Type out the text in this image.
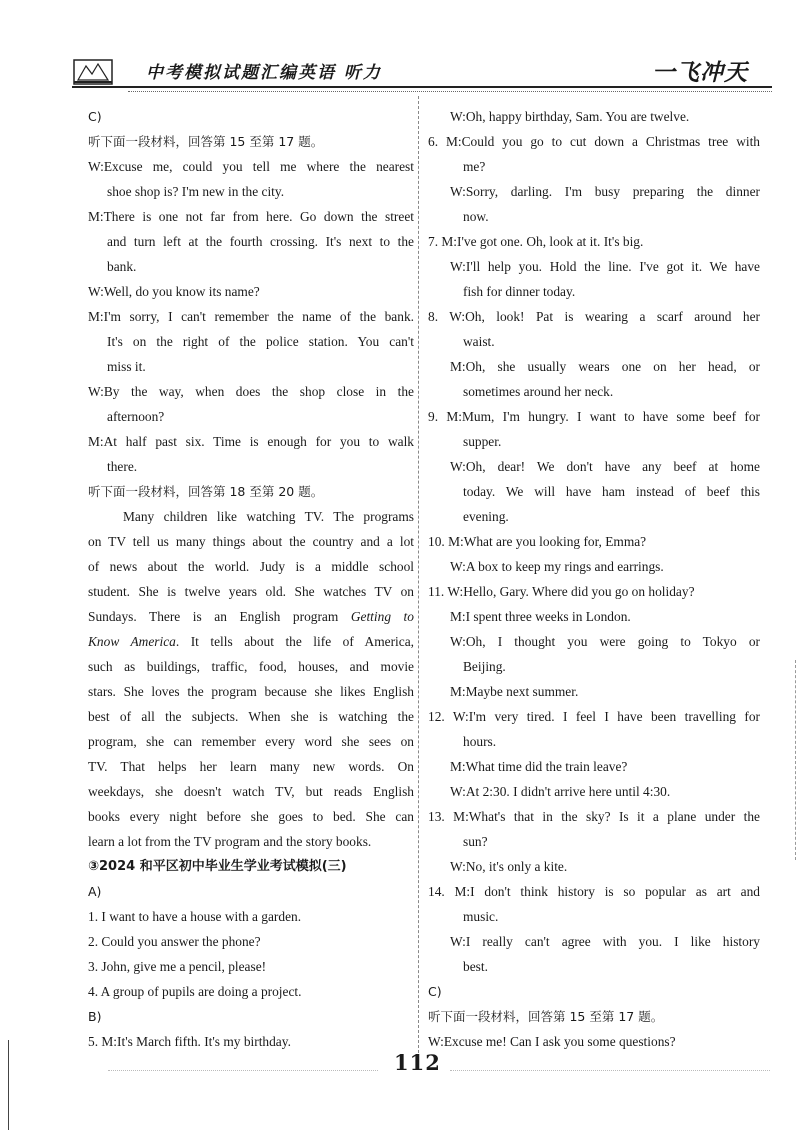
中考模拟试题汇编英语 听力	一飞冲天
C)
听下面一段材料，回答第 15 至第 17 题。
W:Excuse me, could you tell me where the nearest
shoe shop is? I'm new in the city.
M:There is one not far from here. Go down the street
and turn left at the fourth crossing. It's next to the
bank.
W:Well, do you know its name?
M:I'm sorry, I can't remember the name of the bank.
It's on the right of the police station. You can't
miss it.
W:By the way, when does the shop close in the
afternoon?
M:At half past six. Time is enough for you to walk
there.
听下面一段材料，回答第 18 至第 20 题。
Many children like watching TV. The programs
on TV tell us many things about the country and a lot
of news about the world. Judy is a middle school
student. She is twelve years old. She watches TV on
Sundays. There is an English program Getting to
Know America. It tells about the life of America,
such as buildings, traffic, food, houses, and movie
stars. She loves the program because she likes English
best of all the subjects. When she is watching the
program, she can remember every word she sees on
TV. That helps her learn many new words. On
weekdays, she doesn't watch TV, but reads English
books every night before she goes to bed. She can
learn a lot from the TV program and the story books.
③2024 和平区初中毕业生学业考试模拟(三)
A)
1. I want to have a house with a garden.
2. Could you answer the phone?
3. John, give me a pencil, please!
4. A group of pupils are doing a project.
B)
5. M:It's March fifth. It's my birthday.
W:Oh, happy birthday, Sam. You are twelve.
6. M:Could you go to cut down a Christmas tree with
me?
W:Sorry, darling. I'm busy preparing the dinner
now.
7. M:I've got one. Oh, look at it. It's big.
W:I'll help you. Hold the line. I've got it. We have
fish for dinner today.
8. W:Oh, look! Pat is wearing a scarf around her
waist.
M:Oh, she usually wears one on her head, or
sometimes around her neck.
9. M:Mum, I'm hungry. I want to have some beef for
supper.
W:Oh, dear! We don't have any beef at home
today. We will have ham instead of beef this
evening.
10. M:What are you looking for, Emma?
W:A box to keep my rings and earrings.
11. W:Hello, Gary. Where did you go on holiday?
M:I spent three weeks in London.
W:Oh, I thought you were going to Tokyo or
Beijing.
M:Maybe next summer.
12. W:I'm very tired. I feel I have been travelling for
hours.
M:What time did the train leave?
W:At 2:30. I didn't arrive here until 4:30.
13. M:What's that in the sky? Is it a plane under the
sun?
W:No, it's only a kite.
14. M:I don't think history is so popular as art and
music.
W:I really can't agree with you. I like history
best.
C)
听下面一段材料，回答第 15 至第 17 题。
W:Excuse me! Can I ask you some questions?
112
